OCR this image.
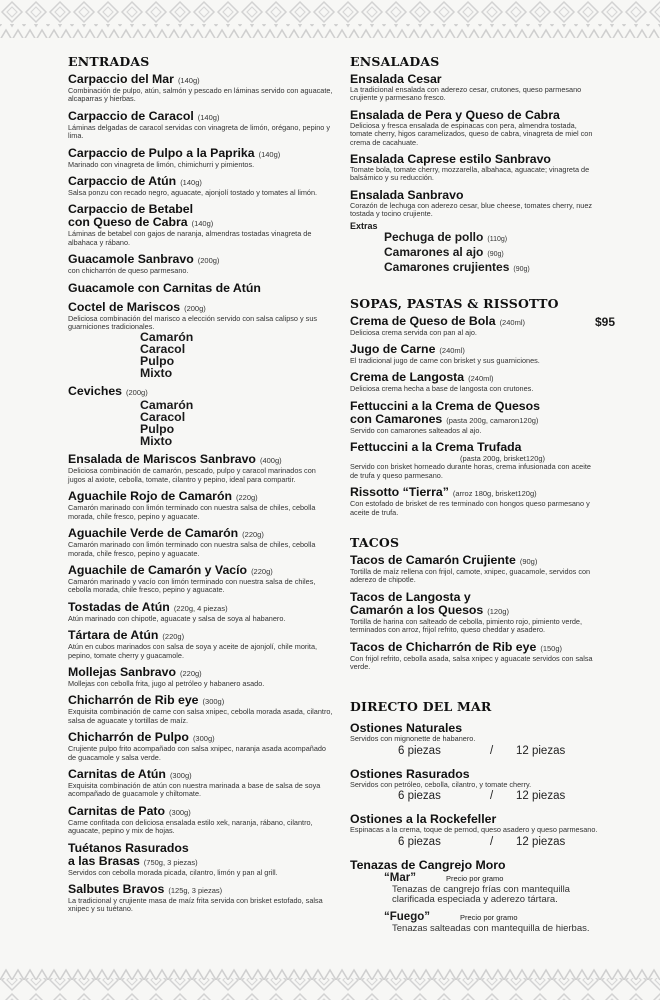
ENTRADAS
Carpaccio del Mar (140g)
Combinación de pulpo, atún, salmón y pescado en láminas servido con aguacate, alcaparras y hierbas.
Carpaccio de Caracol (140g)
Láminas delgadas de caracol servidas con vinagreta de limón, orégano, pepino y lima.
Carpaccio de Pulpo a la Paprika (140g)
Marinado con vinagreta de limón, chimichurri y pimientos.
Carpaccio de Atún (140g)
Salsa ponzu con recado negro, aguacate, ajonjolí tostado y tomates al limón.
Carpaccio de Betabel
con Queso de Cabra (140g)
Láminas de betabel con gajos de naranja, almendras tostadas vinagreta de albahaca y rábano.
Guacamole Sanbravo (200g)
con chicharrón de queso parmesano.
Guacamole con Carnitas de Atún
Coctel de Mariscos (200g)
Deliciosa combinación del marisco a elección servido con salsa calipso y sus guarniciones tradicionales.
Camarón
Caracol
Pulpo
Mixto
Ceviches (200g)
Camarón
Caracol
Pulpo
Mixto
Ensalada de Mariscos Sanbravo (400g)
Deliciosa combinación de camarón, pescado, pulpo y caracol marinados con jugos al axiote, cebolla, tomate, cilantro y pepino, ideal para compartir.
Aguachile Rojo de Camarón (220g)
Camarón marinado con limón terminado con nuestra salsa de chiles, cebolla morada, chile fresco, pepino y aguacate.
Aguachile Verde de Camarón (220g)
Camarón marinado con limón terminado con nuestra salsa de chiles, cebolla morada, chile fresco, pepino y aguacate.
Aguachile de Camarón y Vacío (220g)
Camarón marinado y vacío con limón terminado con nuestra salsa de chiles, cebolla morada, chile fresco, pepino y aguacate.
Tostadas de Atún (220g, 4 piezas)
Atún marinado con chipotle, aguacate y salsa de soya al habanero.
Tártara de Atún (220g)
Atún en cubos marinados con salsa de soya y aceite de ajonjolí, chile morita, pepino, tomate cherry y guacamole.
Mollejas Sanbravo (220g)
Mollejas con cebolla frita, jugo al petróleo y habanero asado.
Chicharrón de Rib eye (300g)
Exquisita combinación de carne con salsa xnipec, cebolla morada asada, cilantro, salsa de aguacate y tortillas de maíz.
Chicharrón de Pulpo (300g)
Crujiente pulpo frito acompañado con salsa xnipec, naranja asada acompañado de guacamole y salsa verde.
Carnitas de Atún (300g)
Exquisita combinación de atún con nuestra marinada a base de salsa de soya acompañado de guacamole y chiltomate.
Carnitas de Pato (300g)
Carne confitada con deliciosa ensalada estilo xek, naranja, rábano, cilantro, aguacate, pepino y mix de hojas.
Tuétanos Rasurados
a las Brasas (750g, 3 piezas)
Servidos con cebolla morada picada, cilantro, limón y pan al grill.
Salbutes Bravos (125g, 3 piezas)
La tradicional y crujiente masa de maíz frita servida con brisket estofado, salsa xnipec y su tuétano.
ENSALADAS
Ensalada Cesar
La tradicional ensalada con aderezo cesar, crutones, queso parmesano crujiente y parmesano fresco.
Ensalada de Pera y Queso de Cabra
Deliciosa y fresca ensalada de espinacas con pera, almendra tostada, tomate cherry, higos caramelizados, queso de cabra, vinagreta de miel con crema de cacahuate.
Ensalada Caprese estilo Sanbravo
Tomate bola, tomate cherry, mozzarella, albahaca, aguacate; vinagreta de balsámico y su reducción.
Ensalada Sanbravo
Corazón de lechuga con aderezo cesar, blue cheese, tomates cherry, nuez tostada y tocino crujiente.
Extras
Pechuga de pollo (110g)
Camarones al ajo (90g)
Camarones crujientes (90g)
SOPAS, PASTAS & RISSOTTO
Crema de Queso de Bola (240ml)
Deliciosa crema servida con pan al ajo.
$95
Jugo de Carne (240ml)
El tradicional jugo de carne con brisket y sus guarniciones.
Crema de Langosta (240ml)
Deliciosa crema hecha a base de langosta con crutones.
Fettuccini a la Crema de Quesos
con Camarones (pasta 200g, camaron120g)
Servido con camarones salteados al ajo.
Fettuccini a la Crema Trufada
(pasta 200g, brisket120g)
Servido con brisket horneado durante horas, crema infusionada con aceite de trufa y queso parmesano.
Rissotto “Tierra” (arroz 180g, brisket120g)
Con estofado de brisket de res terminado con hongos queso parmesano y aceite de trufa.
TACOS
Tacos de Camarón Crujiente (90g)
Tortilla de maíz rellena con frijol, camote, xnipec, guacamole, servidos con aderezo de chipotle.
Tacos de Langosta y
Camarón a los Quesos (120g)
Tortilla de harina con salteado de cebolla, pimiento rojo, pimiento verde, terminados con arroz, frijol refrito, queso cheddar y asadero.
Tacos de Chicharrón de Rib eye (150g)
Con frijol refrito, cebolla asada, salsa xnipec y aguacate servidos con salsa verde.
DIRECTO DEL MAR
Ostiones Naturales
Servidos con mignonette de habanero.
6 piezas	/ 12 piezas
Ostiones Rasurados
Servidos con petróleo, cebolla, cilantro, y tomate cherry.
6 piezas	/ 12 piezas
Ostiones a la Rockefeller
Espinacas a la crema, toque de pernod, queso asadero y queso parmesano.
6 piezas	/ 12 piezas
Tenazas de Cangrejo Moro
“Mar”	Precio por gramo
Tenazas de cangrejo frías con mantequilla clarificada especiada y aderezo tártara.
“Fuego”	Precio por gramo
Tenazas salteadas con mantequilla de hierbas.
